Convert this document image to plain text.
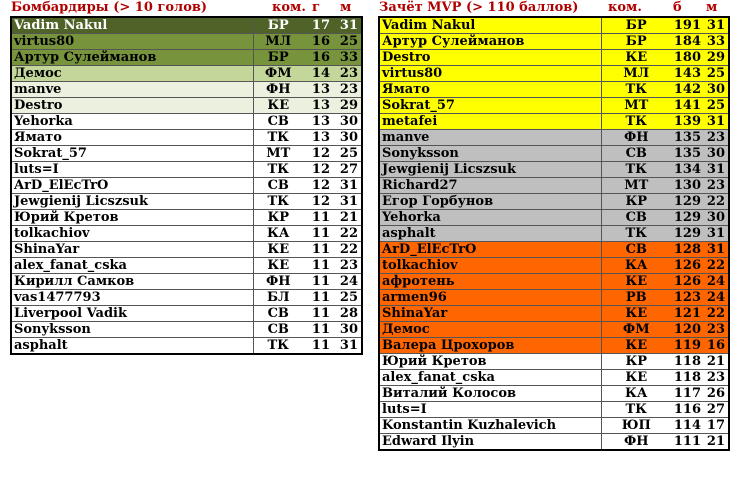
Бомбардиры (> 10 голов)	ком. г м
Vadim Nakul	БР	17	31
virtus80	МЛ	16	25
Артур Сулейманов	БР	16	33
Демос	ФМ	14	23
manve	ФН	13	23
Destro	КЕ	13	29
Yehorka	СВ	13	30
Ямато	ТК	13	30
Sokrat_57	МТ	12	25
luts=I	ТК	12	27
ArD_ElEcTrO	СВ	12	31
Jewgienij Licszsuk	ТК	12	31
Юрий Кретов	КР	11	21
tolkachiov	КА	11	22
ShinaYar	КЕ	11	22
alex_fanat_cska	КЕ	11	23
Кирилл Самков	ФН	11	24
vas1477793	БЛ	11	25
Liverpool Vadik	СВ	11	28
Sonyksson	СВ	11	30
asphalt	ТК	11	31
Зачёт MVP (> 110 баллов) ком. б м
Vadim Nakul	БР	191	31
Артур Сулейманов	БР	184	33
Destro	КЕ	180	29
virtus80	МЛ	143	25
Ямато	ТК	142	30
Sokrat_57	МТ	141	25
metafei	ТК	139	31
manve	ФН	135	23
Sonyksson	СВ	135	30
Jewgienij Licszsuk	ТК	134	31
Richard27	МТ	130	23
Егор Горбунов	КР	129	22
Yehorka	СВ	129	30
asphalt	ТК	129	31
ArD_ElEcTrO	СВ	128	31
tolkachiov	КА	126	22
афротень	КЕ	126	24
armen96	РВ	123	24
ShinaYar	КЕ	121	22
Демос	ФМ	120	23
Валера Црохоров	КЕ	119	16
Юрий Кретов	КР	118	21
alex_fanat_cska	КЕ	118	23
Виталий Колосов	КА	117	26
luts=I	ТК	116	27
Konstantin Kuzhalevich	ЮП	114	17
Edward Ilyin	ФН	111	21
